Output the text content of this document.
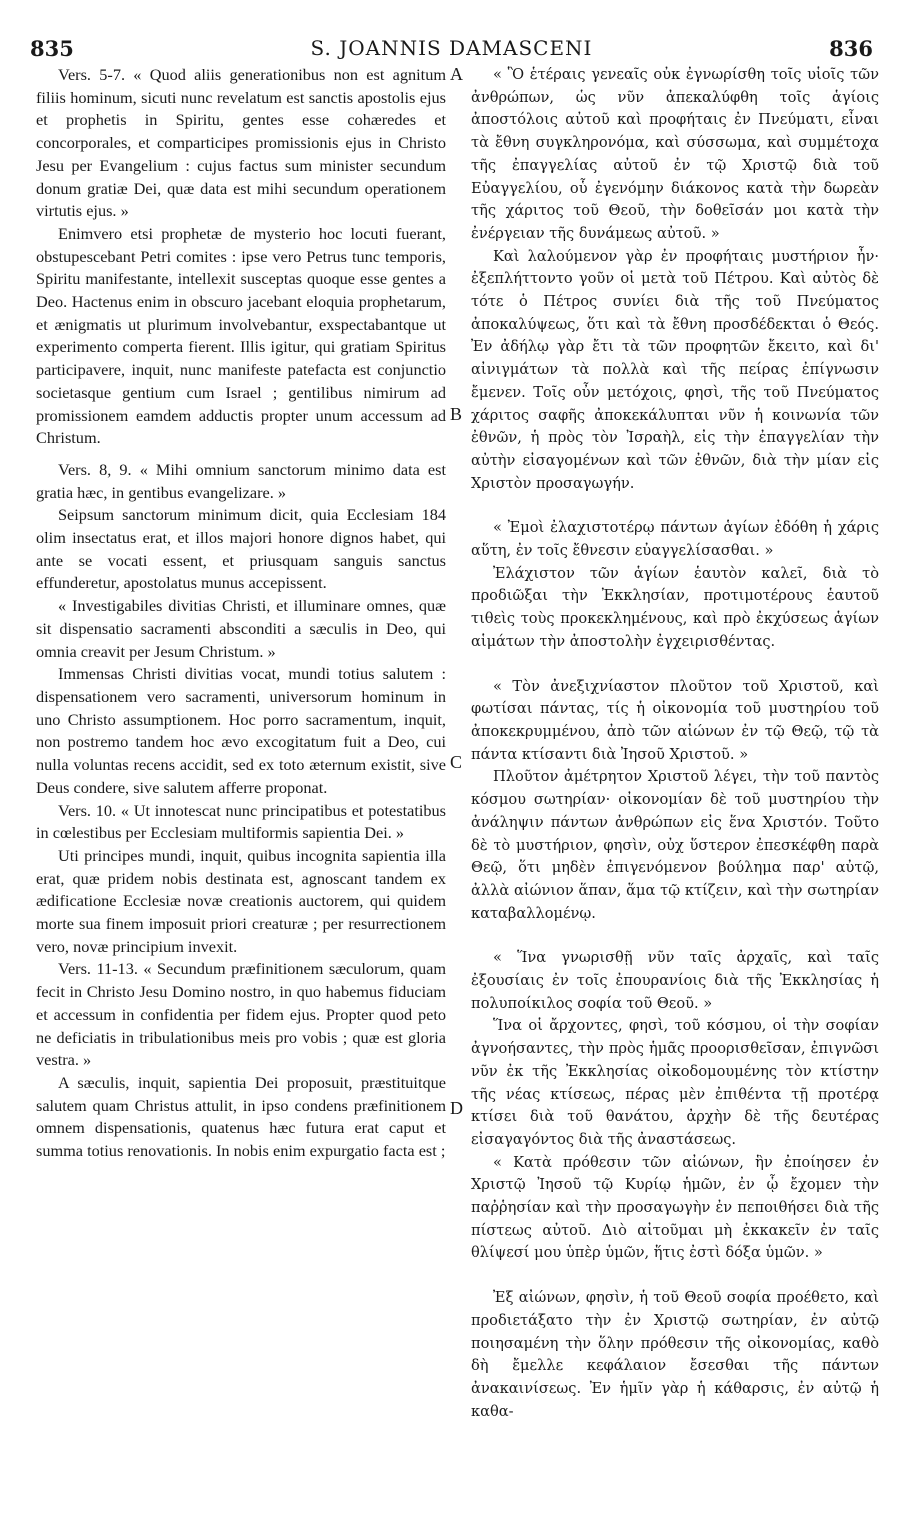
835	S. JOANNIS DAMASCENI	836

Vers. 5-7. « Quod aliis generationibus non est agnitum filiis hominum, sicuti nunc revelatum est sanctis apostolis ejus et prophetis in Spiritu, gentes esse cohæredes et concorporales, et comparticipes promissionis ejus in Christo Jesu per Evangelium : cujus factus sum minister secundum donum gratiæ Dei, quæ data est mihi secundum operationem virtutis ejus. »

Enimvero etsi prophetæ de mysterio hoc locuti fuerant, obstupescebant Petri comites : ipse vero Petrus tunc temporis, Spiritu manifestante, intellexit susceptas quoque esse gentes a Deo. Hactenus enim in obscuro jacebant eloquia prophetarum, et ænigmatis ut plurimum involvebantur, exspectabantque ut experimento comperta fierent. Illis igitur, qui gratiam Spiritus participavere, inquit, nunc manifeste patefacta est conjunctio societasque gentium cum Israel ; gentilibus nimirum ad promissionem eamdem adductis propter unum accessum ad Christum.

Vers. 8, 9. « Mihi omnium sanctorum minimo data est gratia hæc, in gentibus evangelizare. »

Seipsum sanctorum minimum dicit, quia Ecclesiam 184 olim insectatus erat, et illos majori honore dignos habet, qui ante se vocati essent, et priusquam sanguis sanctus effunderetur, apostolatus munus accepissent.

« Investigabiles divitias Christi, et illuminare omnes, quæ sit dispensatio sacramenti absconditi a sæculis in Deo, qui omnia creavit per Jesum Christum. »

Immensas Christi divitias vocat, mundi totius salutem : dispensationem vero sacramenti, universorum hominum in uno Christo assumptionem. Hoc porro sacramentum, inquit, non postremo tandem hoc ævo excogitatum fuit a Deo, cui nulla voluntas recens accidit, sed ex toto æternum existit, sive Deus condere, sive salutem afferre proponat.

Vers. 10. « Ut innotescat nunc principatibus et potestatibus in cœlestibus per Ecclesiam multiformis sapientia Dei. »

Uti principes mundi, inquit, quibus incognita sapientia illa erat, quæ pridem nobis destinata est, agnoscant tandem ex ædificatione Ecclesiæ novæ creationis auctorem, qui quidem morte sua finem imposuit priori creaturæ ; per resurrectionem vero, novæ principium invexit.

Vers. 11-13. « Secundum præfinitionem sæculorum, quam fecit in Christo Jesu Domino nostro, in quo habemus fiduciam et accessum in confidentia per fidem ejus. Propter quod peto ne deficiatis in tribulationibus meis pro vobis ; quæ est gloria vestra. »

A sæculis, inquit, sapientia Dei proposuit, præstituitque salutem quam Christus attulit, in ipso condens præfinitionem omnem dispensationis, quatenus hæc futura erat caput et summa totius renovationis. In nobis enim expurgatio facta est ;

A
B
C
D

« Ὃ ἑτέραις γενεαῖς οὐκ ἐγνωρίσθη τοῖς υἱοῖς τῶν ἀνθρώπων, ὡς νῦν ἀπεκαλύφθη τοῖς ἁγίοις ἀποστόλοις αὐτοῦ καὶ προφήταις ἐν Πνεύματι, εἶναι τὰ ἔθνη συγκληρονόμα, καὶ σύσσωμα, καὶ συμμέτοχα τῆς ἐπαγγελίας αὐτοῦ ἐν τῷ Χριστῷ διὰ τοῦ Εὐαγγελίου, οὗ ἐγενόμην διάκονος κατὰ τὴν δωρεὰν τῆς χάριτος τοῦ Θεοῦ, τὴν δοθεῖσάν μοι κατὰ τὴν ἐνέργειαν τῆς δυνάμεως αὐτοῦ. »

Καὶ λαλούμενον γὰρ ἐν προφήταις μυστήριον ἦν· ἐξεπλήττοντο γοῦν οἱ μετὰ τοῦ Πέτρου. Καὶ αὐτὸς δὲ τότε ὁ Πέτρος συνίει διὰ τῆς τοῦ Πνεύματος ἀποκαλύψεως, ὅτι καὶ τὰ ἔθνη προσδέδεκται ὁ Θεός. Ἐν ἀδήλῳ γὰρ ἔτι τὰ τῶν προφητῶν ἔκειτο, καὶ δι' αἰνιγμάτων τὰ πολλὰ καὶ τῆς πείρας ἐπίγνωσιν ἔμενεν. Τοῖς οὖν μετόχοις, φησὶ, τῆς τοῦ Πνεύματος χάριτος σαφῆς ἀποκεκάλυπται νῦν ἡ κοινωνία τῶν ἐθνῶν, ἡ πρὸς τὸν Ἰσραὴλ, εἰς τὴν ἐπαγγελίαν τὴν αὐτὴν εἰσαγομένων καὶ τῶν ἐθνῶν, διὰ τὴν μίαν εἰς Χριστὸν προσαγωγήν.

« Ἐμοὶ ἐλαχιστοτέρῳ πάντων ἁγίων ἐδόθη ἡ χάρις αὕτη, ἐν τοῖς ἔθνεσιν εὐαγγελίσασθαι. »

Ἐλάχιστον τῶν ἁγίων ἑαυτὸν καλεῖ, διὰ τὸ προδιῶξαι τὴν Ἐκκλησίαν, προτιμοτέρους ἑαυτοῦ τιθεὶς τοὺς προκεκλημένους, καὶ πρὸ ἐκχύσεως ἁγίων αἱμάτων τὴν ἀποστολὴν ἐγχειρισθέντας.

« Τὸν ἀνεξιχνίαστον πλοῦτον τοῦ Χριστοῦ, καὶ φωτίσαι πάντας, τίς ἡ οἰκονομία τοῦ μυστηρίου τοῦ ἀποκεκρυμμένου, ἀπὸ τῶν αἰώνων ἐν τῷ Θεῷ, τῷ τὰ πάντα κτίσαντι διὰ Ἰησοῦ Χριστοῦ. »

Πλοῦτον ἀμέτρητον Χριστοῦ λέγει, τὴν τοῦ παντὸς κόσμου σωτηρίαν· οἰκονομίαν δὲ τοῦ μυστηρίου τὴν ἀνάληψιν πάντων ἀνθρώπων εἰς ἕνα Χριστόν. Τοῦτο δὲ τὸ μυστήριον, φησὶν, οὐχ ὕστερον ἐπεσκέφθη παρὰ Θεῷ, ὅτι μηδὲν ἐπιγενόμενον βούλημα παρ' αὐτῷ, ἀλλὰ αἰώνιον ἅπαν, ἅμα τῷ κτίζειν, καὶ τὴν σωτηρίαν καταβαλλομένῳ.

« Ἵνα γνωρισθῇ νῦν ταῖς ἀρχαῖς, καὶ ταῖς ἐξουσίαις ἐν τοῖς ἐπουρανίοις διὰ τῆς Ἐκκλησίας ἡ πολυποίκιλος σοφία τοῦ Θεοῦ. »

Ἵνα οἱ ἄρχοντες, φησὶ, τοῦ κόσμου, οἱ τὴν σοφίαν ἀγνοήσαντες, τὴν πρὸς ἡμᾶς προορισθεῖσαν, ἐπιγνῶσι νῦν ἐκ τῆς Ἐκκλησίας οἰκοδομουμένης τὸν κτίστην τῆς νέας κτίσεως, πέρας μὲν ἐπιθέντα τῇ προτέρᾳ κτίσει διὰ τοῦ θανάτου, ἀρχὴν δὲ τῆς δευτέρας εἰσαγαγόντος διὰ τῆς ἀναστάσεως.

« Κατὰ πρόθεσιν τῶν αἰώνων, ἣν ἐποίησεν ἐν Χριστῷ Ἰησοῦ τῷ Κυρίῳ ἡμῶν, ἐν ᾧ ἔχομεν τὴν παῤῥησίαν καὶ τὴν προσαγωγὴν ἐν πεποιθήσει διὰ τῆς πίστεως αὐτοῦ. Διὸ αἰτοῦμαι μὴ ἐκκακεῖν ἐν ταῖς θλίψεσί μου ὑπὲρ ὑμῶν, ἥτις ἐστὶ δόξα ὑμῶν. »

Ἐξ αἰώνων, φησὶν, ἡ τοῦ Θεοῦ σοφία προέθετο, καὶ προδιετάξατο τὴν ἐν Χριστῷ σωτηρίαν, ἐν αὐτῷ ποιησαμένη τὴν ὅλην πρόθεσιν τῆς οἰκονομίας, καθὸ δὴ ἔμελλε κεφάλαιον ἔσεσθαι τῆς πάντων ἀνακαινίσεως. Ἐν ἡμῖν γὰρ ἡ κάθαρσις, ἐν αὐτῷ ἡ καθα-
